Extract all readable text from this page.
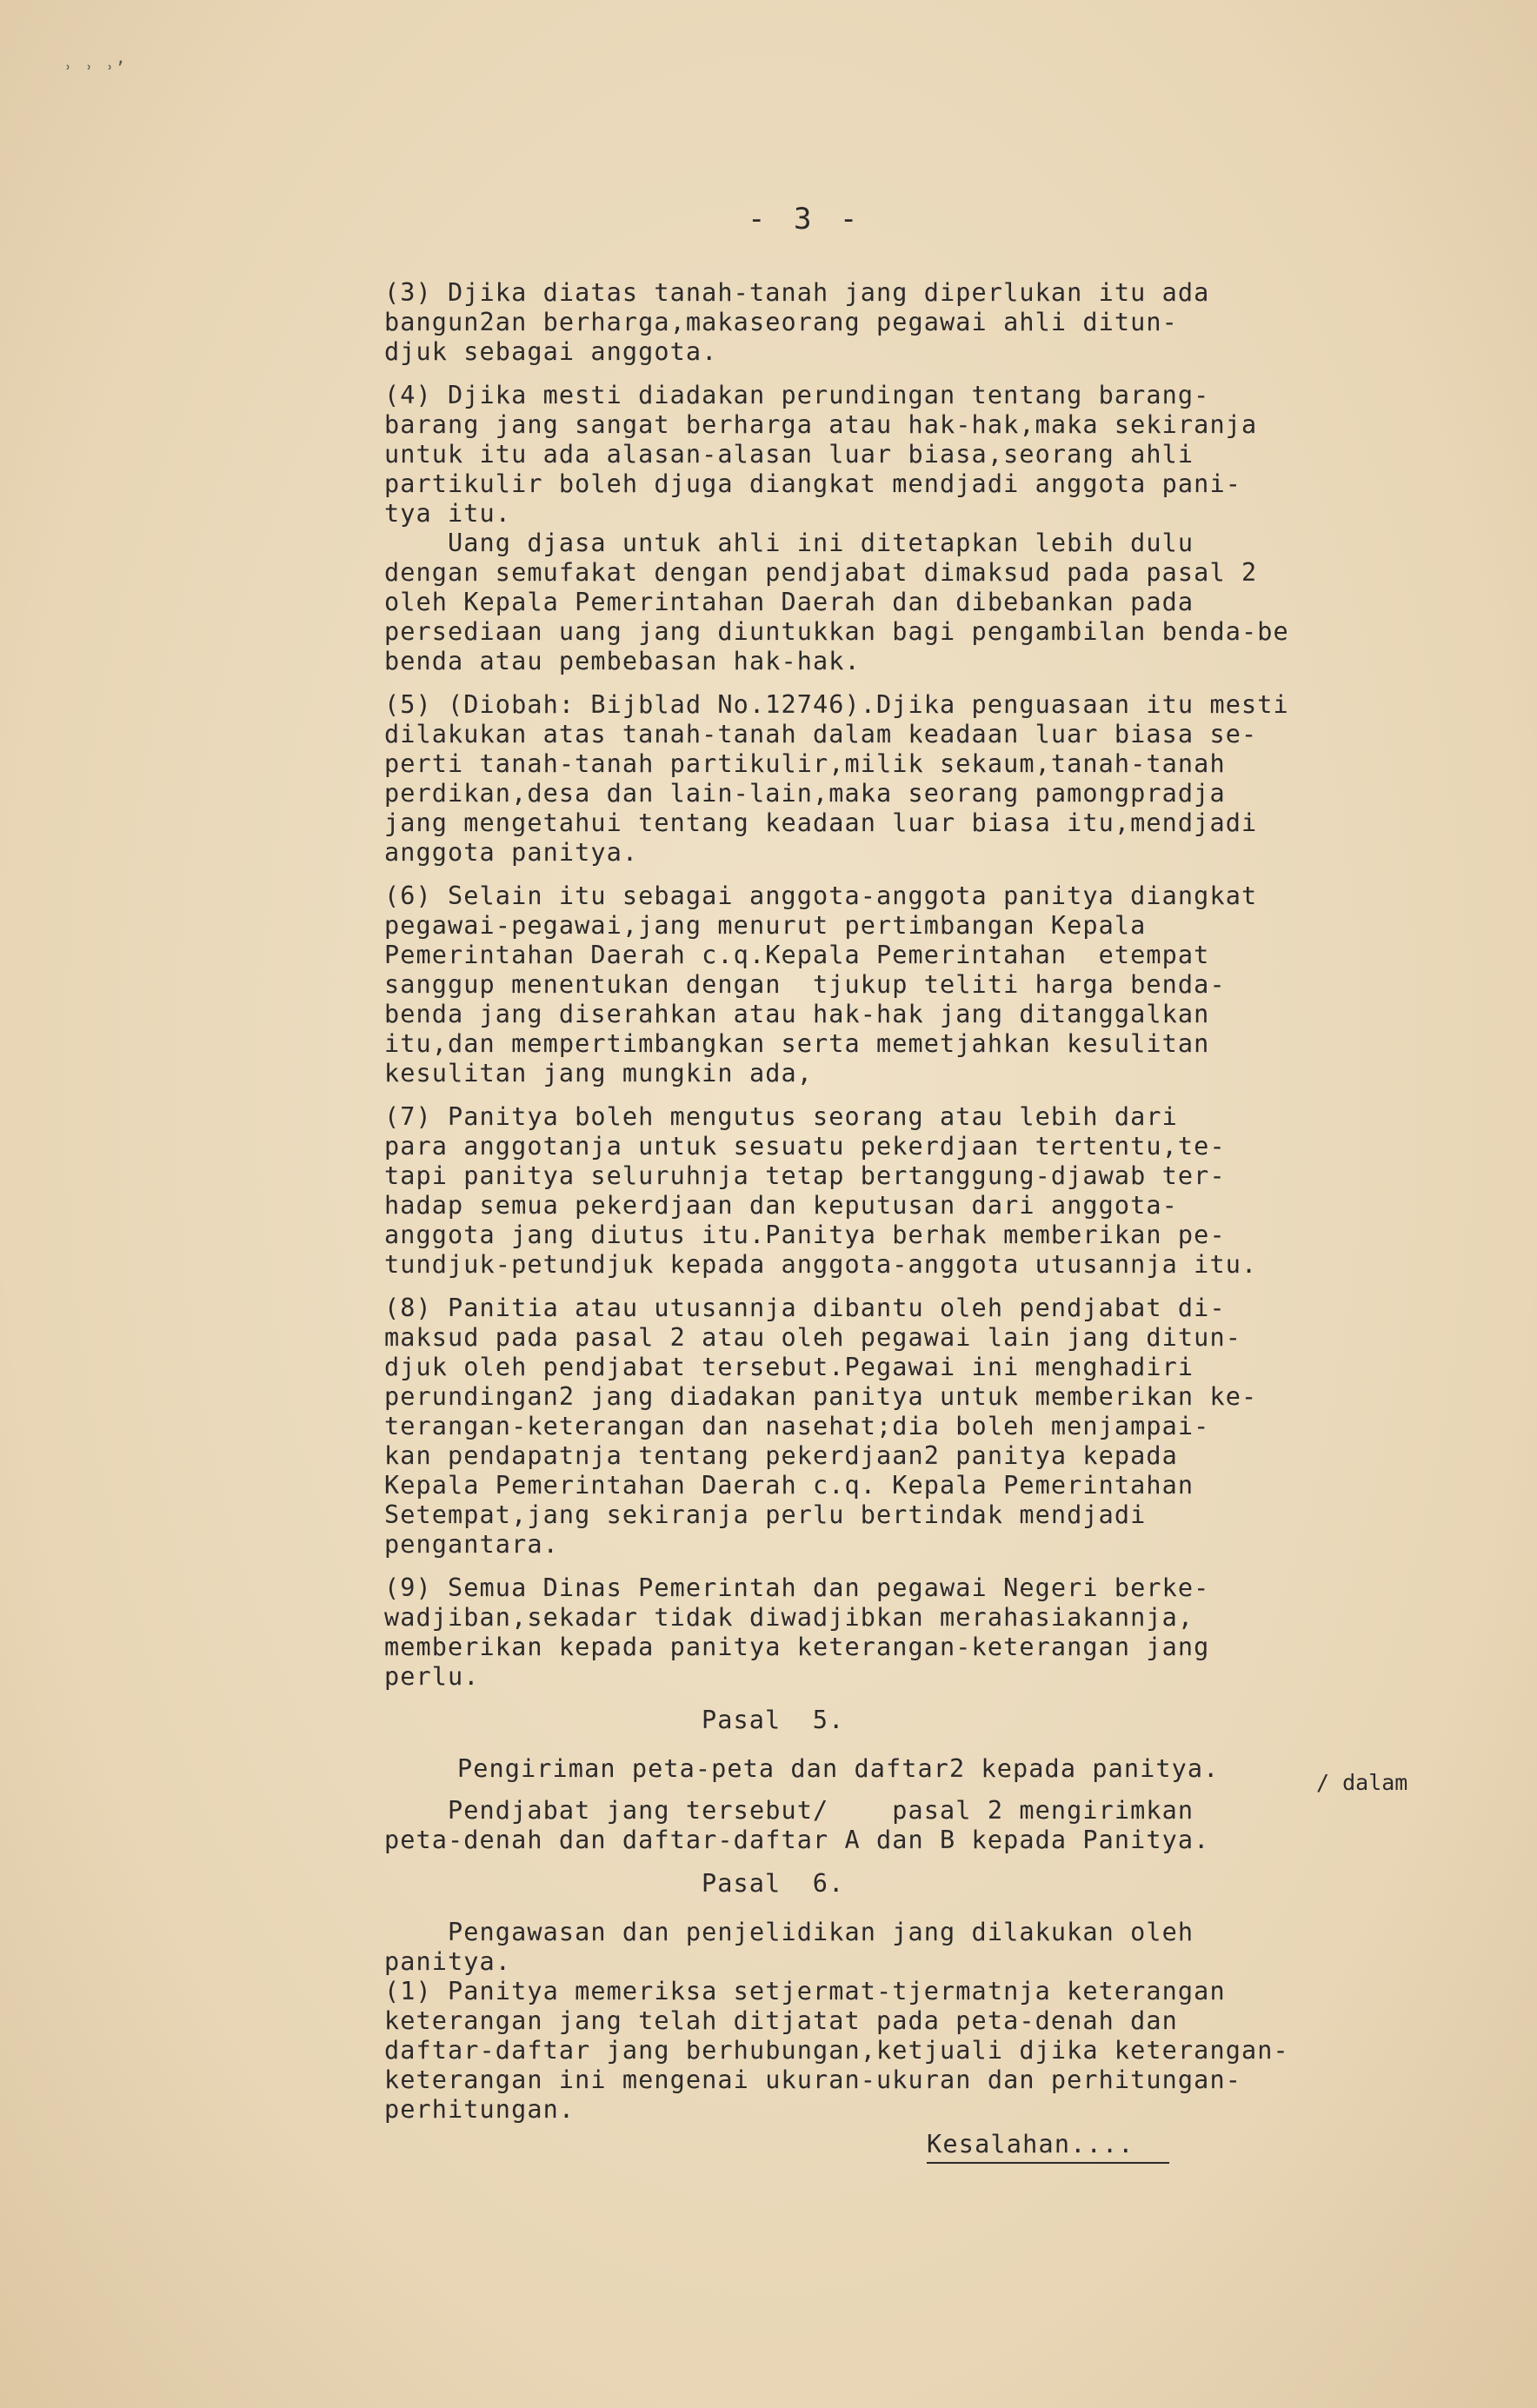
˒ ˒ ˒ʼ
- 3 -
(3) Djika diatas tanah-tanah jang diperlukan itu ada
bangun2an berharga,makaseorang pegawai ahli ditun-
djuk sebagai anggota.
(4) Djika mesti diadakan perundingan tentang barang-
barang jang sangat berharga atau hak-hak,maka sekiranja
untuk itu ada alasan-alasan luar biasa,seorang ahli
partikulir boleh djuga diangkat mendjadi anggota pani-
tya itu.
Uang djasa untuk ahli ini ditetapkan lebih dulu
dengan semufakat dengan pendjabat dimaksud pada pasal 2
oleh Kepala Pemerintahan Daerah dan dibebankan pada
persediaan uang jang diuntukkan bagi pengambilan benda-be
benda atau pembebasan hak-hak.
(5) (Diobah: Bijblad No.12746).Djika penguasaan itu mesti
dilakukan atas tanah-tanah dalam keadaan luar biasa se-
perti tanah-tanah partikulir,milik sekaum,tanah-tanah
perdikan,desa dan lain-lain,maka seorang pamongpradja
jang mengetahui tentang keadaan luar biasa itu,mendjadi
anggota panitya.
(6) Selain itu sebagai anggota-anggota panitya diangkat
pegawai-pegawai,jang menurut pertimbangan Kepala
Pemerintahan Daerah c.q.Kepala Pemerintahan  etempat
sanggup menentukan dengan  tjukup teliti harga benda-
benda jang diserahkan atau hak-hak jang ditanggalkan
itu,dan mempertimbangkan serta memetjahkan kesulitan
kesulitan jang mungkin ada,
(7) Panitya boleh mengutus seorang atau lebih dari
para anggotanja untuk sesuatu pekerdjaan tertentu,te-
tapi panitya seluruhnja tetap bertanggung-djawab ter-
hadap semua pekerdjaan dan keputusan dari anggota-
anggota jang diutus itu.Panitya berhak memberikan pe-
tundjuk-petundjuk kepada anggota-anggota utusannja itu.
(8) Panitia atau utusannja dibantu oleh pendjabat di-
maksud pada pasal 2 atau oleh pegawai lain jang ditun-
djuk oleh pendjabat tersebut.Pegawai ini menghadiri
perundingan2 jang diadakan panitya untuk memberikan ke-
terangan-keterangan dan nasehat;dia boleh menjampai-
kan pendapatnja tentang pekerdjaan2 panitya kepada
Kepala Pemerintahan Daerah c.q. Kepala Pemerintahan
Setempat,jang sekiranja perlu bertindak mendjadi
pengantara.
(9) Semua Dinas Pemerintah dan pegawai Negeri berke-
wadjiban,sekadar tidak diwadjibkan merahasiakannja,
memberikan kepada panitya keterangan-keterangan jang
perlu.
Pasal  5.
Pengiriman peta-peta dan daftar2 kepada panitya.
Pendjabat jang tersebut/    pasal 2 mengirimkan
peta-denah dan daftar-daftar A dan B kepada Panitya.
Pasal  6.
Pengawasan dan penjelidikan jang dilakukan oleh
panitya.
(1) Panitya memeriksa setjermat-tjermatnja keterangan
keterangan jang telah ditjatat pada peta-denah dan
daftar-daftar jang berhubungan,ketjuali djika keterangan-
keterangan ini mengenai ukuran-ukuran dan perhitungan-
perhitungan.
/ dalam
Kesalahan....
